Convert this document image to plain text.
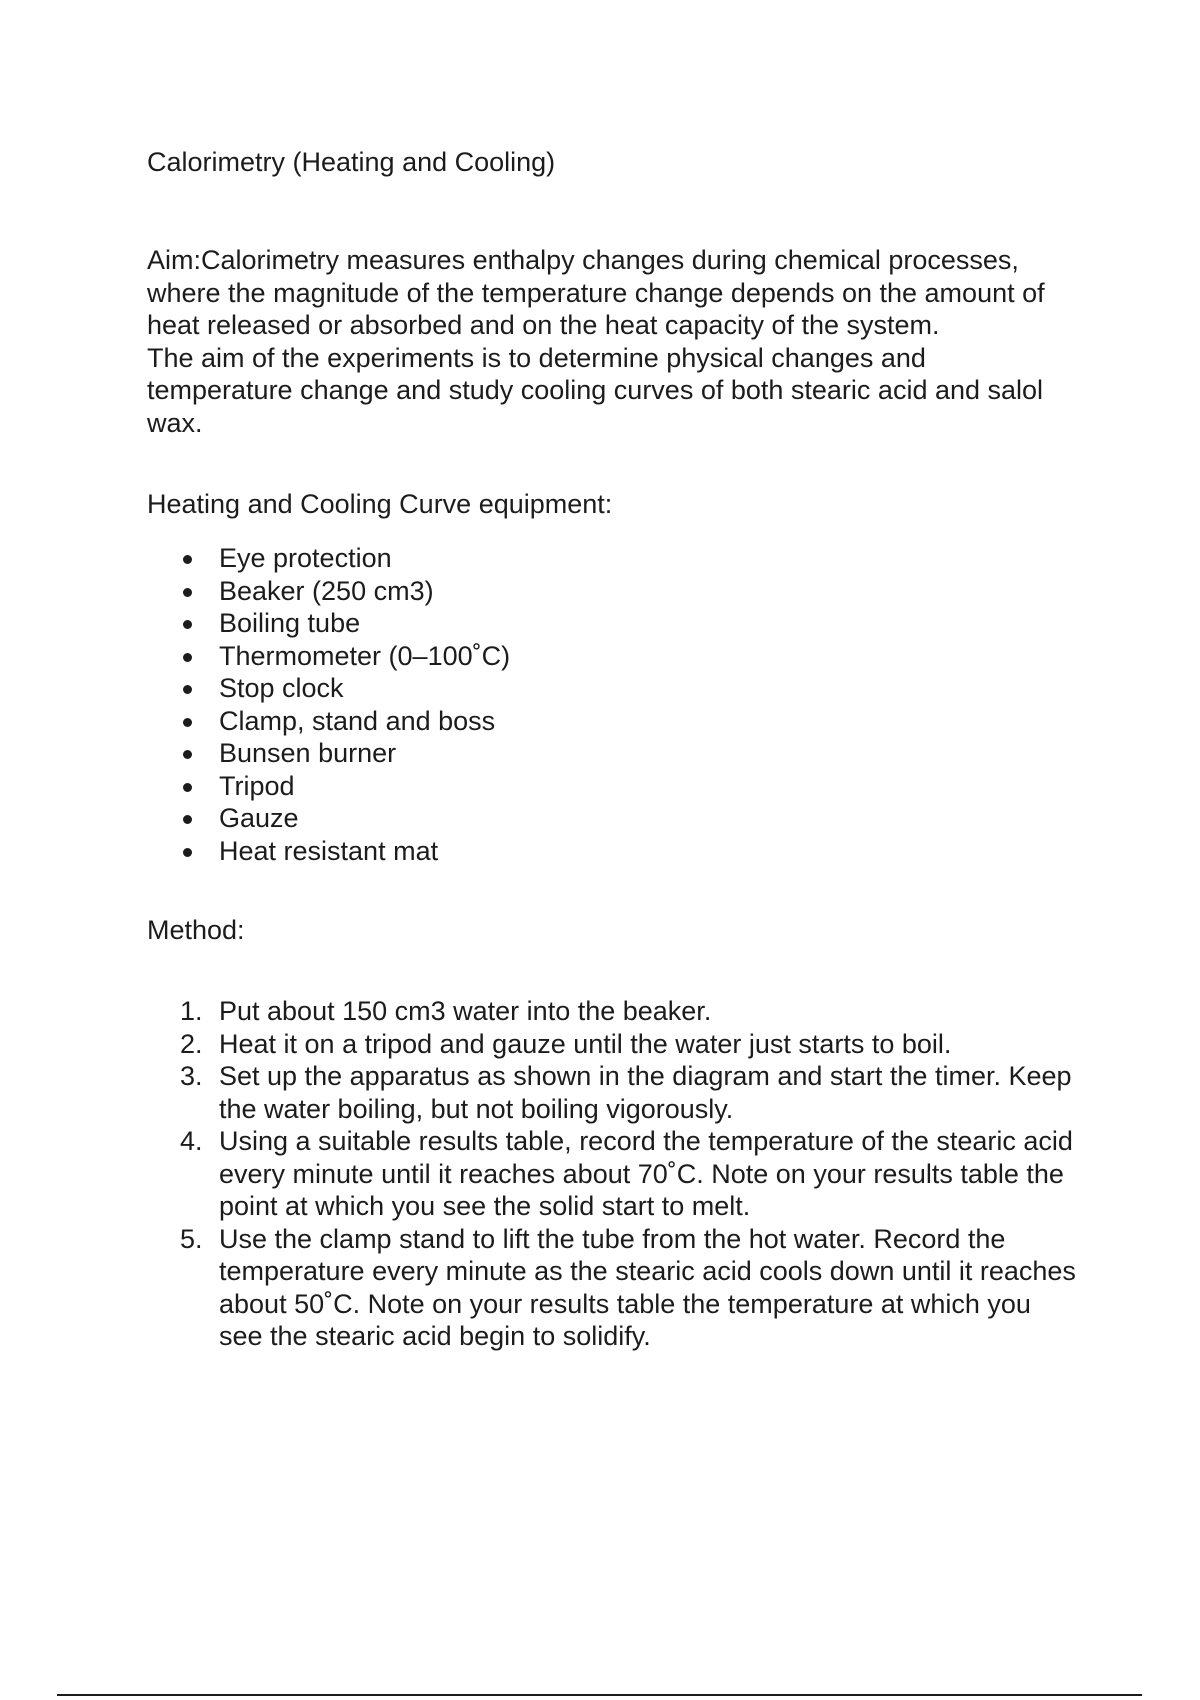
Calorimetry (Heating and Cooling)

Aim:Calorimetry measures enthalpy changes during chemical processes, where the magnitude of the temperature change depends on the amount of heat released or absorbed and on the heat capacity of the system.

The aim of the experiments is to determine physical changes and temperature change and study cooling curves of both stearic acid and salol wax.

Heating and Cooling Curve equipment:
Eye protection
Beaker (250 cm3)
Boiling tube
Thermometer (0–100˚C)
Stop clock
Clamp, stand and boss
Bunsen burner
Tripod
Gauze
Heat resistant mat
Method:
1. Put about 150 cm3 water into the beaker.
2. Heat it on a tripod and gauze until the water just starts to boil.
3. Set up the apparatus as shown in the diagram and start the timer. Keep the water boiling, but not boiling vigorously.
4. Using a suitable results table, record the temperature of the stearic acid every minute until it reaches about 70˚C. Note on your results table the point at which you see the solid start to melt.
5. Use the clamp stand to lift the tube from the hot water. Record the temperature every minute as the stearic acid cools down until it reaches about 50˚C. Note on your results table the temperature at which you see the stearic acid begin to solidify.
